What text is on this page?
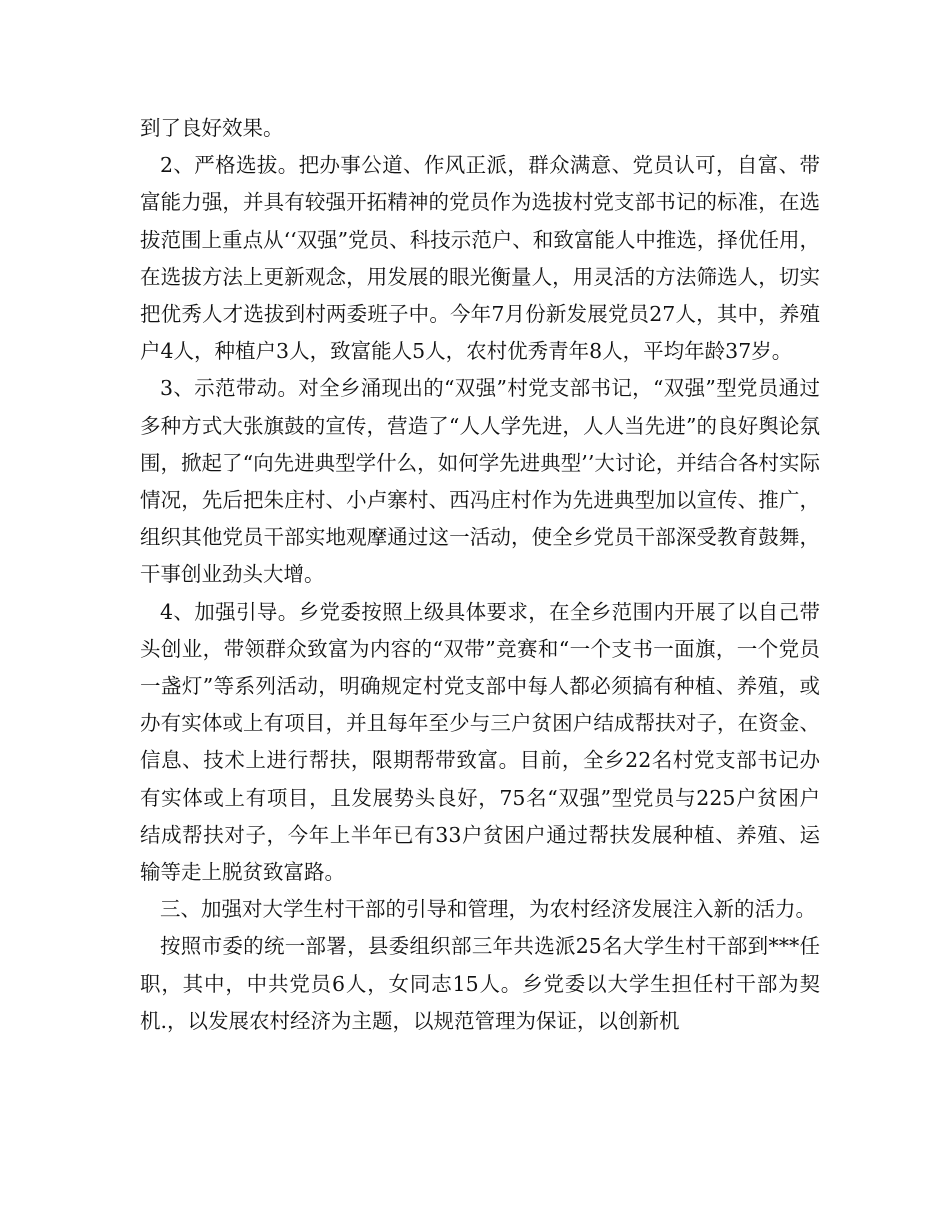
到了良好效果。

2、严格选拔。把办事公道、作风正派，群众满意、党员认可，自富、带富能力强，并具有较强开拓精神的党员作为选拔村党支部书记的标准，在选拔范围上重点从‘‘双强”党员、科技示范户、和致富能人中推选，择优任用，在选拔方法上更新观念，用发展的眼光衡量人，用灵活的方法筛选人，切实把优秀人才选拔到村两委班子中。今年7月份新发展党员27人，其中，养殖户4人，种植户3人，致富能人5人，农村优秀青年8人，平均年龄37岁。

3、示范带动。对全乡涌现出的“双强”村党支部书记，“双强”型党员通过多种方式大张旗鼓的宣传，营造了“人人学先进，人人当先进”的良好舆论氛围，掀起了“向先进典型学什么，如何学先进典型’’大讨论，并结合各村实际情况，先后把朱庄村、小卢寨村、西冯庄村作为先进典型加以宣传、推广，组织其他党员干部实地观摩通过这一活动，使全乡党员干部深受教育鼓舞，干事创业劲头大增。

4、加强引导。乡党委按照上级具体要求，在全乡范围内开展了以自己带头创业，带领群众致富为内容的“双带”竞赛和“一个支书一面旗，一个党员一盏灯”等系列活动，明确规定村党支部中每人都必须搞有种植、养殖，或办有实体或上有项目，并且每年至少与三户贫困户结成帮扶对子，在资金、信息、技术上进行帮扶，限期帮带致富。目前，全乡22名村党支部书记办有实体或上有项目，且发展势头良好，75名“双强”型党员与225户贫困户结成帮扶对子，今年上半年已有33户贫困户通过帮扶发展种植、养殖、运输等走上脱贫致富路。

三、加强对大学生村干部的引导和管理，为农村经济发展注入新的活力。

按照市委的统一部署，县委组织部三年共选派25名大学生村干部到***任职，其中，中共党员6人，女同志15人。乡党委以大学生担任村干部为契机.，以发展农村经济为主题，以规范管理为保证，以创新机
